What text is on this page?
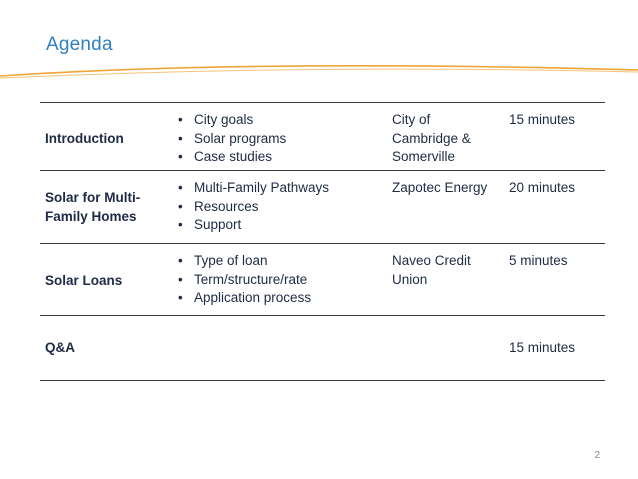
Agenda
Introduction
• City goals
• Solar programs
• Case studies
City of Cambridge & Somerville
15 minutes
Solar for Multi-Family Homes
• Multi-Family Pathways
• Resources
• Support
Zapotec Energy	20 minutes
Solar Loans
• Type of loan
• Term/structure/rate
• Application process
Naveo Credit Union
5 minutes
Q&A	15 minutes
2
